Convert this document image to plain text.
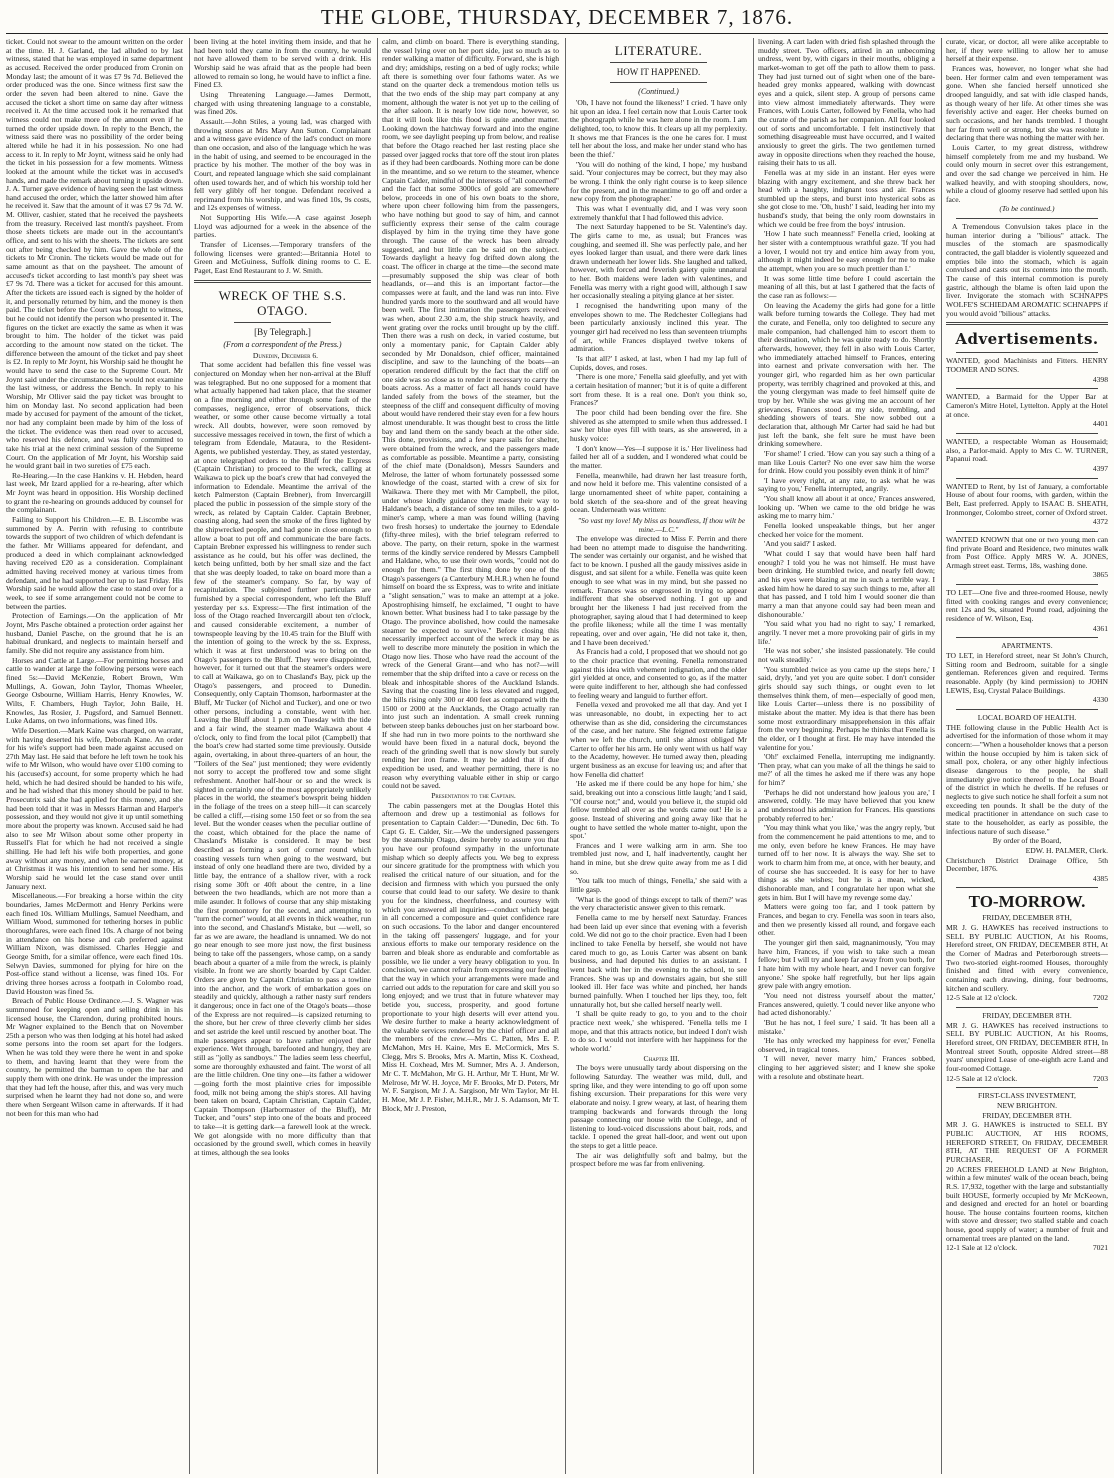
THE GLOBE, THURSDAY, DECEMBER 7, 1876.

ticket. Could not swear to the amount written on the order at the time. H. J. Garland, the lad alluded to by last witness, stated that he was employed in same department as accused. Received the order produced from Cronin on Monday last; the amount of it was £7 9s 7d. Believed the order produced was the one. Since witness first saw the order the seven had been altered to nine. Gave the accused the ticket a short time on same day after witness received it. At the time accused took it he remarked that witness could not make more of the amount even if he turned the order upside down. In reply to the Bench, the witness said there was no possibility of the order being altered while he had it in his possession. No one had access to it. In reply to Mr Joynt, witness said he only had the ticket in his possession for a few moments. Witness looked at the amount while the ticket was in accused's hands, and made the remark about turning it upside down. J. A. Turner gave evidence of having seen the last witness hand accused the order, which the latter showed him after he received it. Saw that the amount of it was £7 9s 7d. W. M. Olliver, cashier, stated that he received the paysheets from the treasury. Received last month's paysheet. From those sheets tickets are made out in the accountant's office, and sent to his with the sheets. The tickets are sent out after being checked by him. Gave the whole of the tickets to Mr Cronin. The tickets would be made out for same amount as that on the paysheet. The amount of accused's ticket according to last month's pay sheet was £7 9s 7d. There was a ticket for accused for this amount. After the tickets are issued each is signed by the holder of it, and personally returned by him, and the money is then paid. The ticket before the Court was brought to witness, but he could not identify the person who presented it. The figures on the ticket are exactly the same as when it was brought to him. The holder of the ticket was paid according to the amount now stated on the ticket. The difference between the amount of the ticket and pay sheet is £2. In reply to Mr Joynt, his Worship said he thought he would have to send the case to the Supreme Court. Mr Joynt said under the circumstances he would not examine the last witness, or address the Bench. In reply to his Worship, Mr Olliver said the pay ticket was brought to him on Monday last. No second application had been made by accused for payment of the amount of the ticket, nor had any complaint been made by him of the loss of the ticket. The evidence was then read over to accused, who reserved his defence, and was fully committed to take his trial at the next criminal session of the Supreme Court. On the application of Mr Joynt, his Worship said he would grant bail in two sureties of £75 each.

Re-Hearing.—In the case Hankins v. H. Hebden, heard last week, Mr Izard applied for a re-hearing, after which Mr Joynt was heard in opposition. His Worship declined to grant the re-hearing on grounds adduced by counsel for the complainant.

Failing to Support his Children.—E. B. Liscombe was summoned by A. Perrin with refusing to contribute towards the support of two children of which defendant is the father. Mr Williams appeared for defendant, and produced a deed in which complainant acknowledged having received £20 as a consideration. Complainant admitted having received money at various times from defendant, and he had supported her up to last Friday. His Worship said he would allow the case to stand over for a week, to see if some arrangement could not be come to between the parties.

Protection of Earnings.—On the application of Mr Joynt, Mrs Pasche obtained a protection order against her husband, Daniel Pasche, on the ground that he is an habitual drunkard, and neglects to maintain herself and family. She did not require any assistance from him.

Horses and Cattle at Large.—For permitting horses and cattle to wander at large the following persons were each fined 5s:—David McKenzie, Robert Brown, Wm Mullings, A. Gowan, John Taylor, Thomas Wheeler, George Osbourne, William Harris, Henry Knowles, W. Wilts, F. Chambers, Hugh Taylor, John Baile, H. Knowles, Jas Rosier, J. Pugsford, and Samuel Bennett. Luke Adams, on two informations, was fined 10s.

Wife Desertion.—Mark Kaine was charged, on warrant, with having deserted his wife, Deborah Kane. An order for his wife's support had been made against accused on 27th May last. He said that before he left town he took his wife to Mr Wilson, who would have over £100 coming to his (accused's) account, for some property which he had held, which he had desired should be handed to his wife, and he had wished that this money should be paid to her. Prosecutrix said she had applied for this money, and she had been told that it was in Messrs Harman and Harper's possession, and they would not give it up until something more about the property was known. Accused said he had also to see Mr Wilson about some other property in Russell's Flat for which he had not received a single shilling. He had left his wife both properties, and gone away without any money, and when he earned money, at at Christmas it was his intention to send her some. His Worship said he would let the case stand over until January next.

Miscellaneous.—For breaking a horse within the city boundaries, James McDermott and Henry Perkins were each fined 10s. William Mullings, Samuel Needham, and William Wood, summoned for tethering horses in public thoroughfares, were each fined 10s. A charge of not being in attendance on his horse and cab preferred against William Nixon, was dismissed. Charles Heggie and George Smith, for a similar offence, were each fined 10s. Selwyn Davies, summoned for plying for hire on the Post-office stand without a license, was fined 10s. For driving three horses across a footpath in Colombo road, David Houston was fined 5s.

Breach of Public House Ordinance.—J. S. Wagner was summoned for keeping open and selling drink in his licensed house, the Clarendon, during prohibited hours. Mr Wagner explained to the Bench that on November 25th a person who was then lodging at his hotel had asked some persons into the room set apart for the lodgers. When he was told they were there he went in and spoke to them, and having learnt that they were from the country, he permitted the barman to open the bar and supply them with one drink. He was under the impression that they had left the house, after this, and was very much surprised when he learnt they had not done so, and were there when Sergeant Wilson came in afterwards. If it had not been for this man who had

been living at the hotel inviting them inside, and that he had been told they came in from the country, he would not have allowed them to be served with a drink. His Worship said he was afraid that as the people had been allowed to remain so long, he would have to inflict a fine. Fined £3.

Using Threatening Language.—James Dermott, charged with using threatening language to a constable, was fined 20s.

Assault.—John Stiles, a young lad, was charged with throwing stones at Mrs Mary Ann Sutton. Complainant and a witness gave evidence of the lad's conduct on more than one occasion, and also of the language which he was in the habit of using, and seemed to be encouraged in the practice by his mother. The mother of the boy was in Court, and repeated language which she said complainant often used towards her, and of which his worship told her fell very glibly off her tongue. Defendant received a reprimand from his worship, and was fined 10s, 9s costs, and 12s expenses of witness.

Not Supporting His Wife.—A case against Joseph Lloyd was adjourned for a week in the absence of the parties.

Transfer of Licenses.—Temporary transfers of the following licenses were granted:—Britannia Hotel to Green and McGuiness, Suffolk dining rooms to C. E. Paget, East End Restaurant to J. W. Smith.

WRECK OF THE S.S. OTAGO.
[By Telegraph.]
(From a correspondent of the Press.)

Dunedin, December 6.

That some accident had befallen this fine vessel was conjectured on Monday when her non-arrival at the Bluff was telegraphed. But no one supposed for a moment that what actually happened had taken place, that the steamer on a fine morning and either through some fault of the compasses, negligence, error of observations, thick weather, or some other cause become virtually a total wreck. All doubts, however, were soon removed by successive messages received in town, the first of which a telegram from Edendale, Mataura, to the Resident-Agents, we published yesterday. They, as stated yesterday, at once telegraphed orders to the Bluff for the Express (Captain Christian) to proceed to the wreck, calling at Waikawa to pick up the boat's crew that had conveyed the information to Edendale. Meantime the arrival of the ketch Palmerston (Captain Brebner), from Invercargill placed the public in possession of the simple story of the wreck, as related by Captain Calder. Captain Brebner, coasting along, had seen the smoke of the fires lighted by the shipwrecked people, and had gone in close enough to allow a boat to put off and communicate the bare facts. Captain Brebner expressed his willingness to render such assistance as he could, but his offer was declined, the ketch being unfitted, both by her small size and the fact that she was deeply loaded, to take on board more than a few of the steamer's company. So far, by way of recapitulation. The subjoined further particulars are furnished by a special correspondent, who left the Bluff yesterday per s.s. Express:—The first intimation of the loss of the Otago reached Invercargill about ten o'clock, and caused considerable excitement, a number of townspeople leaving by the 10.45 train for the Bluff with the intention of going to the wreck by the ss. Express, which it was at first understood was to bring on the Otago's passengers to the Bluff. They were disappointed, however, for it turned out that the steamer's orders were to call at Waikawa, go on to Chasland's Bay, pick up the Otago's passengers, and proceed to Dunedin. Consequently, only Captain Thomson, harbormaster at the Bluff, Mr Tucker (of Nichol and Tucker), and one or two other persons, including a constable, went with her. Leaving the Bluff about 1 p.m on Tuesday with the tide and a fair wind, the steamer made Waikawa about 4 o'clock, only to find from the local pilot (Campbell) that the boat's crew had started some time previously. Outside again, overtaking, in about three-quarters of an hour, the "Toilers of the Sea" just mentioned; they were evidently not sorry to accept the proffered tow and some slight refreshment. Another half-hour or so and the wreck is sighted in certainly one of the most appropriately unlikely places in the world, the steamer's bowsprit being hidden in the foliage of the trees on a steep hill—it can scarcely be called a cliff,—rising some 150 feet or so from the sea level. But the wonder ceases when the peculiar outline of the coast, which obtained for the place the name of Chasland's Mistake is considered. It may be best described as forming a sort of corner round which coasting vessels turn when going to the westward, but instead of only one headland there are two, divided by a little bay, the entrance of a shallow river, with a rock rising some 30ft or 40ft about the centre, in a line between the two headlands, which are not more than a mile asunder. It follows of course that any ship mistaking the first promontory for the second, and attempting to "turn the corner" would, at all events in thick weather, run into the second, and Chasland's Mistake, but —well, so far as we are aware, the headland is unnamed. We do not go near enough to see more just now, the first business being to take off the passengers, whose camp, on a sandy beach about a quarter of a mile from the wreck, is plainly visible. In front we are shortly boarded by Capt Calder. Orders are given by Captain Christian to pass a towline into the anchor, and the work of embarkation goes on steadily and quickly, although a rather nasty surf renders it dangerous; once in fact one of the Otago's boats—those of the Express are not required—is capsized returning to the shore, but her crew of three cleverly climb her sides and set astride the keel until rescued by another boat. The male passengers appear to have rather enjoyed their experience. Wet through, barefooted and hungry, they are still as "jolly as sandboys." The ladies seem less cheerful, some are thoroughly exhausted and faint. The worst of all are the little children. One tiny one—its father a widower—going forth the most plaintive cries for impossible food, milk not being among the ship's stores. All having been taken on board, Captain Christian, Captain Calder, Captain Thompson (Harbormaster of the Bluff), Mr Tucker, and "ours" step into one of the boats and proceed to take—it is getting dark—a farewell look at the wreck. We got alongside with no more difficulty than that occasioned by the ground swell, which comes in heavily at times, although the sea looks

calm, and climb on board. There is everything standing, the vessel lying over on her port side, just so much as to render walking a matter of difficulty. Forward, she is high and dry; amidships, resting on a bed of ugly rocks; while aft there is something over four fathoms water. As we stand on the quarter deck a tremendous motion tells us that the two ends of the ship may part company at any moment, although the water is not yet up to the ceiling of the after saloon. It is nearly low tide now, however, so that it will look like this flood is quite another matter. Looking down the hatchway forward and into the engine room, we see daylight peeping up from below, and realise that before the Otago reached her last resting place she passed over jagged rocks that tore off the stout iron plates as if they had been cardboards. Nothing more can be done in the meantime, and so we return to the steamer, whence Captain Calder, mindful of the interests of "all concerned" and the fact that some 3000cs of gold are somewhere below, proceeds in one of his own boats to the shore, where upon cheer following him from the passengers, who have nothing but good to say of him, and cannot sufficiently express their sense of the calm courage displayed by him in the trying time they have gone through. The cause of the wreck has been already suggested, and but little can be said on the subject. Towards daylight a heavy fog drifted down along the coast. The officer in charge at the time—the second mate—presumably supposed the ship was clear of both headlands, or—and this is an important factor—the compasses were at fault, and the land was run into. Five hundred yards more to the southward and all would have been well. The first intimation the passengers received was when, about 2.30 a.m, the ship struck heavily, and went grating over the rocks until brought up by the cliff. Then there was a rush on deck, in varied costume, but only a momentary panic, for Captain Calder ably seconded by Mr Donaldson, chief officer, maintained discipline, and saw to the launching of the boats—an operation rendered difficult by the fact that the cliff on one side was so close as to render it necessary to carry the boats across. As a matter of fact all hands could have landed safely from the bows of the steamer, but the steepness of the cliff and consequent difficulty of moving about would have rendered their stay even for a few hours almost unendurable. It was thought best to cross the little bay and land them on the sandy beach at the other side. This done, provisions, and a few spare sails for shelter, were obtained from the wreck, and the passengers made as comfortable as possible. Meantime a party, consisting of the chief mate (Donaldson), Messrs Saunders and Melrose, the latter of whom fortunately possessed some knowledge of the coast, started with a crew of six for Waikawa. There they met with Mr Campbell, the pilot, under whose kindly guidance they made their way to Haldane's beach, a distance of some ten miles, to a gold-miner's camp, where a man was found willing (having two fresh horses) to undertake the journey to Edendale (fifty-three miles), with the brief telegram referred to above. The party, on their return, spoke in the warmest terms of the kindly service rendered by Messrs Campbell and Haldane, who, to use their own words, "could not do enough for them." The first thing done by one of the Otago's passengers (a Canterbury M.H.R.) when he found himself on board the ss Express, was to write and initiate a "slight sensation," was to make an attempt at a joke. Apostrophising himself, he exclaimed, "I ought to have known better. What business had I to take passage by the Otago. The province abolished, how could the namesake steamer be expected to survive." Before closing this necessarily imperfect account of the wreck it may be as well to describe more minutely the position in which the Otago now lies. Those who have read the account of the wreck of the General Grant—and who has not?—will remember that the ship drifted into a cave or recess on the bleak and inhospitable shores of the Auckland Islands. Saving that the coasting line is less elevated and rugged, the hills rising only 300 or 400 feet as compared with the 1500 or 2000 at the Aucklands, the Otago actually ran into just such an indentation. A small creek running between steep banks debouches just on her starboard bow. If she had run in two more points to the northward she would have been fixed in a natural dock, beyond the reach of the grinding swell that is now slowly but surely rending her iron frame. It may be added that if due expedition be used, and weather permitting, there is no reason why everything valuable either in ship or cargo could not be saved.

Presentation to the Captain.

The cabin passengers met at the Douglas Hotel this afternoon and drew up a testimonial as follows for presentation to Captain Calder:—"Dunedin, Dec 6th. To Capt G. E. Calder, Sir.—We the undersigned passengers by the steamship Otago, desire hereby to assure you that you have our profound sympathy in the unfortunate mishap which so deeply affects you. We beg to express our sincere gratitude for the promptness with which you realised the critical nature of our situation, and for the decision and firmness with which you pursued the only course that could lead to our safety. We desire to thank you for the kindness, cheerfulness, and courtesy with which you answered all inquiries—conduct which begat in all concerned a composure and quiet confidence rare on such occasions. To the labor and danger encountered in the taking off passengers' luggage, and for your anxious efforts to make our temporary residence on the barren and bleak shore as endurable and comfortable as possible, we lie under a very heavy obligation to you. In conclusion, we cannot refrain from expressing our feeling that the way in which your arrangements were made and carried out adds to the reputation for care and skill you so long enjoyed; and we trust that in future whatever may betide you, success, prosperity, and good fortune proportionate to your high deserts will ever attend you. We desire further to make a hearty acknowledgment of the valuable services rendered by the chief officer and all the members of the crew.—Mrs C. Patten, Mrs E. P. McMahon, Mrs H. Kaine, Mrs E. McCormick, Mrs S. Clegg, Mrs S. Brooks, Mrs A. Martin, Miss K. Coxhead, Miss H. Coxhead, Mrs M. Sumner, Mrs A. J. Anderson, Mr C. T. McMahon, Mr G. H. Arthur, Mr T. Hunt, Mr W. Melrose, Mr W. H. Joyce, Mr F. Brooks, Mr D. Peters, Mr W. F. Sargison, Mr J. A. Sargison, Mr Wm Taylor, Mr H. H. Moe, Mr J. P. Fisher, M.H.R., Mr J. S. Adamson, Mr T. Block, Mr J. Preston,

LITERATURE.
HOW IT HAPPENED.
(Continued.)

'Oh, I have not found the likeness!' I cried. 'I have only hit upon an idea. I feel certain now that Louis Carter took the photograph while he was here alone in the room. I am delighted, too, to know this. It clears up all my perplexity. It shows me that Frances is the one he cares for. I must tell her about the loss, and make her under stand who has been the thief.'

'You will do nothing of the kind, I hope,' my husband said. 'Your conjectures may be correct, but they may also be wrong. I think the only right course is to keep silence for the present, and in the meantime to go off and order a new copy from the photographer.'

This was what I eventually did, and I was very soon extremely thankful that I had followed this advice.

The next Saturday happened to be St. Valentine's day. The girls came to me, as usual; but Frances was coughing, and seemed ill. She was perfectly pale, and her eyes looked larger than usual, and there were dark lines drawn underneath her lower lids. She laughed and talked, however, with forced and feverish gaiety quite unnatural to her. Both maidens were laden with valentines, and Fenella was merry with a right good will, although I saw her occasionally stealing a pitying glance at her sister.

I recognised the handwriting upon many of the envelopes shown to me. The Redchester Collegians had been particularly anxiously inclined this year. The younger girl had received no less than seventeen triumphs of art, while Frances displayed twelve tokens of admiration.

'Is that all?' I asked, at last, when I had my lap full of Cupids, doves, and roses.

'There is one more,' Fenella said gleefully, and yet with a certain hesitation of manner; 'but it is of quite a different sort from these. It is a real one. Don't you think so, Frances?'

The poor child had been bending over the fire. She shivered as she attempted to smile when thus addressed. I saw her blue eyes fill with tears, as she answered, in a husky voice:

'I don't know—Yes—I suppose it is.' Her liveliness had failed her all of a sudden, and I wondered what could be the matter.

Fenella, meanwhile, had drawn her last treasure forth, and now held it before me. This valentine consisted of a large unornamented sheet of white paper, containing a bold sketch of the sea-shore and of the great heaving ocean. Underneath was written:

"So vast my love! My bliss as boundless, If thou wilt be mine.—L.C."

The envelope was directed to Miss F. Perrin and there had been no attempt made to disguise the handwriting. The sender was certainly our organist, and he wished that fact to be known. I pushed all the gaudy missives aside in disgust, and sat silent for a while. Fenella was quite keen enough to see what was in my mind, but she passed no remark. Frances was so engrossed in trying to appear indifferent that she observed nothing. I got up and brought her the likeness I had just received from the photographer, saying aloud that I had determined to keep the profile likeness; while all the time I was mentally repeating, over and over again, 'He did not take it, then, and I have been deceived.'

As Francis had a cold, I proposed that we should not go to the choir practice that evening. Fenella remonstrated against this idea with vehement indignation, and the older girl yielded at once, and consented to go, as if the matter were quite indifferent to her, although she had confessed to feeling weary and languid to further effort.

Fenella vexed and provoked me all that day. And yet I was unreasonable, no doubt, in expecting her to act otherwise than as she did, considering the circumstances of the case, and her nature. She feigned extreme fatigue when we left the church, until she almost obliged Mr Carter to offer her his arm. He only went with us half way to the Academy, however. He turned away then, pleading urgent business as an excuse for leaving us; and after that how Fenella did chatter!

'He asked me if there could be any hope for him,' she said, breaking out into a conscious little laugh; 'and I said, "Of course not;" and, would you believe it, the stupid old fellow trembled all over as the words came out! He is a goose. Instead of shivering and going away like that he ought to have settled the whole matter to-night, upon the spot.'

Frances and I were walking arm in arm. She too trembled just now, and I, half inadvertently, caught her hand in mine, but she drew quite away from me as I did so.

'You talk too much of things, Fenella,' she said with a little gasp.

'What is the good of things except to talk of them?' was the very characteristic answer given to this remark.

Fenella came to me by herself next Saturday. Frances had been laid up ever since that evening with a feverish cold. We did not go to the choir practice. Even had I been inclined to take Fenella by herself, she would not have cared much to go, as Louis Carter was absent on bank business, and had deputed his duties to an assistant. I went back with her in the evening to the school, to see Frances. She was up and downstairs again, but she still looked ill. Her face was white and pinched, her hands burned painfully. When I touched her lips they, too, felt unnaturally hot, but she called herself nearly well.

'I shall be quite ready to go, to you and to the choir practice next week,' she whispered. 'Fenella tells me I mope, and that this attracts notice, but indeed I don't wish to do so. I would not interfere with her happiness for the whole world.'

Chapter III.

The boys were unusually tardy about dispersing on the following Saturday. The weather was mild, dull, and spring like, and they were intending to go off upon some fishing excursion. Their preparations for this were very elaborate and noisy. I grew weary, at last, of hearing them tramping backwards and forwards through the long passage connecting our house with the College, and of listening to loud-voiced discussions about bait, rods, and tackle. I opened the great hall-door, and went out upon the steps to get a little peace.

The air was delightfully soft and balmy, but the prospect before me was far from enlivening.

livening. A cart laden with dried fish splashed through the muddy street. Two officers, attired in an unbecoming undress, went by, with cigars in their mouths, obliging a market-woman to get off the path to allow them to pass. They had just turned out of sight when one of the bare-headed grey monks appeared, walking with downcast eyes and a quick, silent step. A group of persons came into view almost immediately afterwards. They were Frances, with Louis Carter, followed by Fenella, who had the curate of the parish as her companion. All four looked out of sorts and uncomfortable. I felt instinctively that something disagreeable must have occurred, and I waited anxiously to greet the girls. The two gentlemen turned away in opposite directions when they reached the house, raising their hats to us all.

Fenella was at my side in an instant. Her eyes were blazing with angry excitement, and she threw back her head with a haughty, indignant toss and air. Frances stumbled up the steps, and burst into hysterical sobs as she got close to me. 'Oh, hush!' I said, leading her into my husband's study, that being the only room downstairs in which we could be free from the boys' intrusion.

'How I hate such meanness!' Fenella cried, looking at her sister with a contemptuous wrathful gaze. 'If you had a lover, I would not try and entice him away from you, although it might indeed be easy enough for me to make the attempt, when you are so much prettier than I.'

It was some little time before I could ascertain the meaning of all this, but at last I gathered that the facts of the case ran as follows:—

On leaving the Academy the girls had gone for a little walk before turning towards the College. They had met the curate, and Fenella, only too delighted to secure any male companion, had challenged him to escort them to their destination, which he was quite ready to do. Shortly afterwards, however, they fell in also with Louis Carter, who immediately attached himself to Frances, entering into earnest and private conversation with her. The younger girl, who regarded him as her own particular property, was terribly chagrined and provoked at this, and the young clergyman was made to feel himself quite de trop by her. While she was giving me an account of her grievances, Frances stood at my side, trembling, and shedding showers of tears. She now sobbed out a declaration that, although Mr Carter had said he had but just left the bank, she felt sure he must have been drinking somewhere.

'For shame!' I cried. 'How can you say such a thing of a man like Louis Carter? No one ever saw him the worse for drink. How could you possibly even think it of him?'

'I have every right, at any rate, to ask what he was saying to you,' Fenella interrupted, angrily.

'You shall know all about it at once,' Frances answered, looking up. 'When we came to the old bridge he was asking me to marry him.'

Fenella looked unspeakable things, but her anger checked her voice for the moment.

'And you said?' I asked.

'What could I say that would have been half hard enough? I told you he was not himself. He must have been drinking. He stumbled twice, and nearly fell down; and his eyes were blazing at me in such a terrible way. I asked him how he dared to say such things to me, after all that has passed, and I told him I would sooner die than marry a man that anyone could say had been mean and dishonourable.'

'You said what you had no right to say,' I remarked, angrily. 'I never met a more provoking pair of girls in my life.'

'He was not sober,' she insisted passionately. 'He could not walk steadily.'

'You stumbled twice as you came up the steps here,' I said, dryly, 'and yet you are quite sober. I don't consider girls should say such things, or ought even to let themselves think them, of men—especially of good men, like Louis Carter—unless there is no possibility of mistake about the matter. My idea is that there has been some most extraordinary misapprehension in this affair from the very beginning. Perhaps he thinks that Fenella is the elder, or I thought at first. He may have intended the valentine for you.'

'Oh!' exclaimed Fenella, interrupting me indignantly. 'Then pray, what can you make of all the things he said to me?' of all the times he asked me if there was any hope for him?'

'Perhaps he did not understand how jealous you are,' I answered, coldly. 'He may have believed that you knew and understood his admiration for Frances. His questions probably referred to her.'

'You may think what you like,' was the angry reply, 'but from the commencement he paid attentions to me, and to me only, even before he knew Frances. He may have turned off to her now. It is always the way. She set to work to charm him from me, at once, with her beauty, and of course she has succeeded. It is easy for her to have things as she wishes; but he is a mean, wicked, dishonorable man, and I congratulate her upon what she gets in him. But I will have my revenge some day.'

Matters were going too far, and I took pattern by Frances, and began to cry. Fenella was soon in tears also, and then we presently kissed all round, and forgave each other.

The younger girl then said, magnanimously, 'You may have him, Frances, if you wish to take such a mean fellow; but I will try and keep far away from you both, for I hate him with my whole heart, and I never can forgive anyone.' She spoke half regretfully, but her lips again grew pale with angry emotion.

'You need not distress yourself about the matter,' Frances answered, quietly. 'I could never like anyone who had acted dishonorably.'

'But he has not, I feel sure,' I said. 'It has been all a mistake.'

'He has only wrecked my happiness for ever,' Fenella observed, in tragical tones.

'I will never, never marry him,' Frances sobbed, clinging to her aggrieved sister; and I knew she spoke with a resolute and obstinate heart.

curate, vicar, or doctor, all were alike acceptable to her, if they were willing to allow her to amuse herself at their expense.

Frances was, however, no longer what she had been. Her former calm and even temperament was gone. When she fancied herself unnoticed she drooped languidly, and sat with idle clasped hands, as though weary of her life. At other times she was feverishly active and eager. Her cheeks burned on such occasions, and her hands trembled. I thought her far from well or strong, but she was resolute in declaring that there was nothing the matter with her.

Louis Carter, to my great distress, withdrew himself completely from me and my husband. We could only mourn in secret over this estrangement, and over the sad change we perceived in him. He walked heavily, and with stooping shoulders, now, while a cloud of gloomy reserve had settled upon his face.

(To be continued.)

A Tremendous Convulsion takes place in the human interior during a "bilious" attack. The muscles of the stomach are spasmodically contracted, the gall bladder is violently squeezed and empties bile into the stomach, which is again convulsed and casts out its contents into the mouth. The cause of this internal commotion is purely gastric, although the blame is often laid upon the liver. Invigorate the stomach with SCHNAPPS WOLFE'S SCHIEDAM AROMATIC SCHNAPPS if you would avoid "bilious" attacks.

Advertisements.

WANTED, good Machinists and Fitters. HENRY TOOMER AND SONS.

4398

WANTED, a Barmaid for the Upper Bar at Cameron's Mitre Hotel, Lyttelton. Apply at the Hotel at once.

4401

WANTED, a respectable Woman as Housemaid; also, a Parlor-maid. Apply to Mrs C. W. TURNER, Papanui road.

4397

WANTED to Rent, by 1st of January, a comfortable House of about four rooms, with garden, within the Belt, East preferred. Apply to ISAAC B. SHEATH, Ironmonger, Colombo street, corner of Oxford street.

4372

WANTED KNOWN that one or two young men can find private Board and Residence, two minutes walk from Post Office. Apply MRS W. A. JONES, Armagh street east. Terms, 18s, washing done.

3865

TO LET—One five and three-roomed House, newly fitted with cooking ranges and every convenience; rent 12s and 9s, situated Pound road, adjoining the residence of W. Wilson, Esq.

4361

APARTMENTS.

TO LET, in Hereford street, near St John's Church, Sitting room and Bedroom, suitable for a single gentleman. References given and required. Terms reasonable. Apply (by kind permission) to JOHN LEWIS, Esq, Crystal Palace Buildings.

4330

LOCAL BOARD OF HEALTH.

THE following clause in the Public Health Act is advertised for the information of those whom it may concern:—"When a householder knows that a person within the house occupied by him is taken sick of small pox, cholera, or any other highly infectious disease dangerous to the people, he shall immediately give notice thereof to the Local Board of the district in which he dwells. If he refuses or neglects to give such notice he shall forfeit a sum not exceeding ten pounds. It shall be the duty of the medical practitioner in attendance on such case to state to the householder, as early as possible, the infectious nature of such disease."

By order of the Board,

EDW. H. PALMER, Clerk.

Christchurch District Drainage Office, 5th December, 1876.

4385

TO-MORROW.

FRIDAY, DECEMBER 8TH,

MR J. G. HAWKES has received instructions to SELL BY PUBLIC AUCTION, At his Rooms, Hereford street, ON FRIDAY, DECEMBER 8TH, At the Corner of Madras and Peterborough streets—Two two-storied eight-roomed Houses, thoroughly finished and fitted with every convenience, containing each drawing, dining, four bedrooms, kitchen and scullery.

12-5 Sale at 12 o'clock.	7202

FRIDAY, DECEMBER 8TH.

MR J. G. HAWKES has received instructions to SELL BY PUBLIC AUCTION, At his Rooms, Hereford street, ON FRIDAY, DECEMBER 8TH, In Montreal street South, opposite Aldred street—88 years' unexpired Lease of one-eighth acre Land and four-roomed Cottage.

12-5 Sale at 12 o'clock.	7203

FIRST-CLASS INVESTMENT,

NEW BRIGHTON.

FRIDAY, DECEMBER 8TH.

MR J. G. HAWKES is instructed to SELL BY PUBLIC AUCTION, AT HIS ROOMS, HEREFORD STREET, On FRIDAY, DECEMBER 8TH, AT THE REQUEST OF A FORMER PURCHASER,

20 ACRES FREEHOLD LAND at New Brighton, within a few minutes' walk of the ocean beach, being R.S. 17,932, together with the large and substantially built HOUSE, formerly occupied by Mr McKeown, and designed and erected for an hotel or boarding house. The house contains fourteen rooms, kitchen with stove and dresser; two stalled stable and coach house, good supply of water; a number of fruit and ornamental trees are planted on the land.

12-1 Sale at 12 o'clock.	7021
